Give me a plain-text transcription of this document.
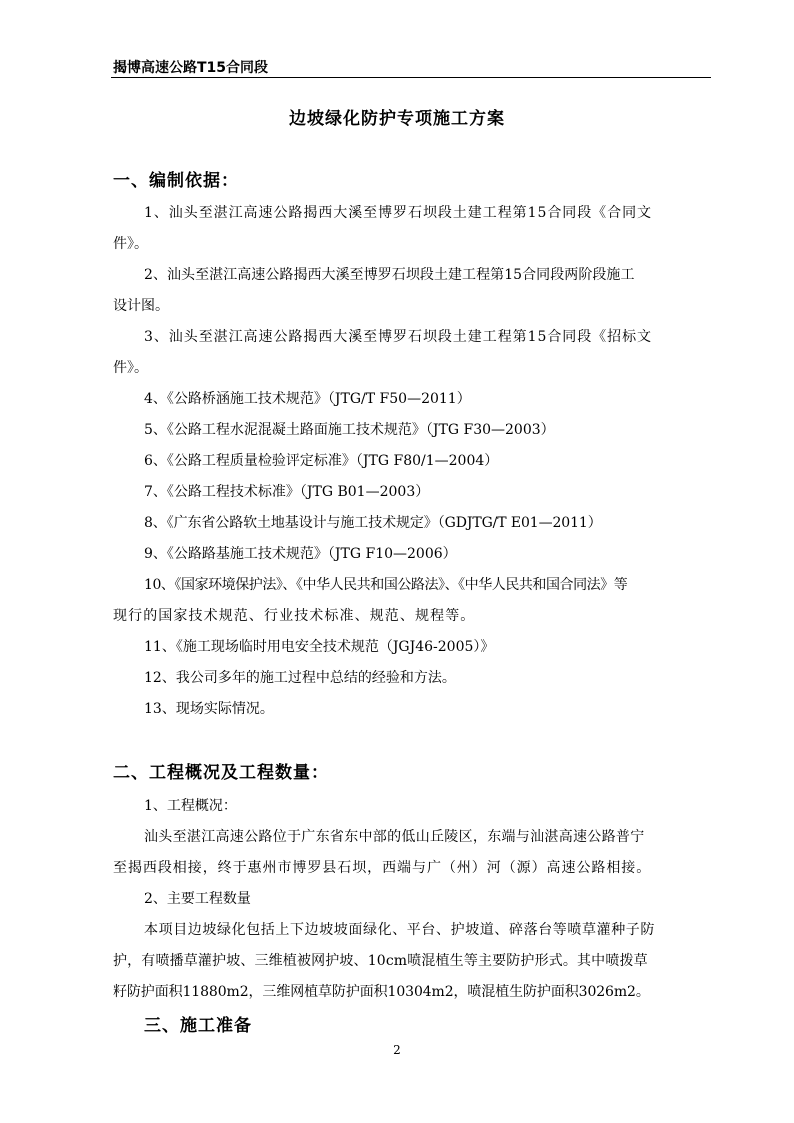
揭博高速公路T15合同段
边坡绿化防护专项施工方案
一、编制依据：
1、汕头至湛江高速公路揭西大溪至博罗石坝段土建工程第15合同段《合同文
件》。
2、汕头至湛江高速公路揭西大溪至博罗石坝段土建工程第15合同段两阶段施工
设计图。
3、汕头至湛江高速公路揭西大溪至博罗石坝段土建工程第15合同段《招标文
件》。
4、《公路桥涵施工技术规范》（JTG/T F50—2011）
5、《公路工程水泥混凝土路面施工技术规范》（JTG F30—2003）
6、《公路工程质量检验评定标准》（JTG F80/1—2004）
7、《公路工程技术标准》（JTG B01—2003）
8、《广东省公路软土地基设计与施工技术规定》（GDJTG/T E01—2011）
9、《公路路基施工技术规范》（JTG F10—2006）
10、《国家环境保护法》、《中华人民共和国公路法》、《中华人民共和国合同法》等
现行的国家技术规范、行业技术标准、规范、规程等。
11、《施工现场临时用电安全技术规范（JGJ46-2005）》
12、我公司多年的施工过程中总结的经验和方法。
13、现场实际情况。
二、工程概况及工程数量：
1、工程概况：
汕头至湛江高速公路位于广东省东中部的低山丘陵区，东端与汕湛高速公路普宁
至揭西段相接，终于惠州市博罗县石坝，西端与广（州）河（源）高速公路相接。
2、主要工程数量
本项目边坡绿化包括上下边坡坡面绿化、平台、护坡道、碎落台等喷草灌种子防
护，有喷播草灌护坡、三维植被网护坡、10cm喷混植生等主要防护形式。其中喷拨草
籽防护面积11880m2，三维网植草防护面积10304m2，喷混植生防护面积3026m2。
三、施工准备
2
